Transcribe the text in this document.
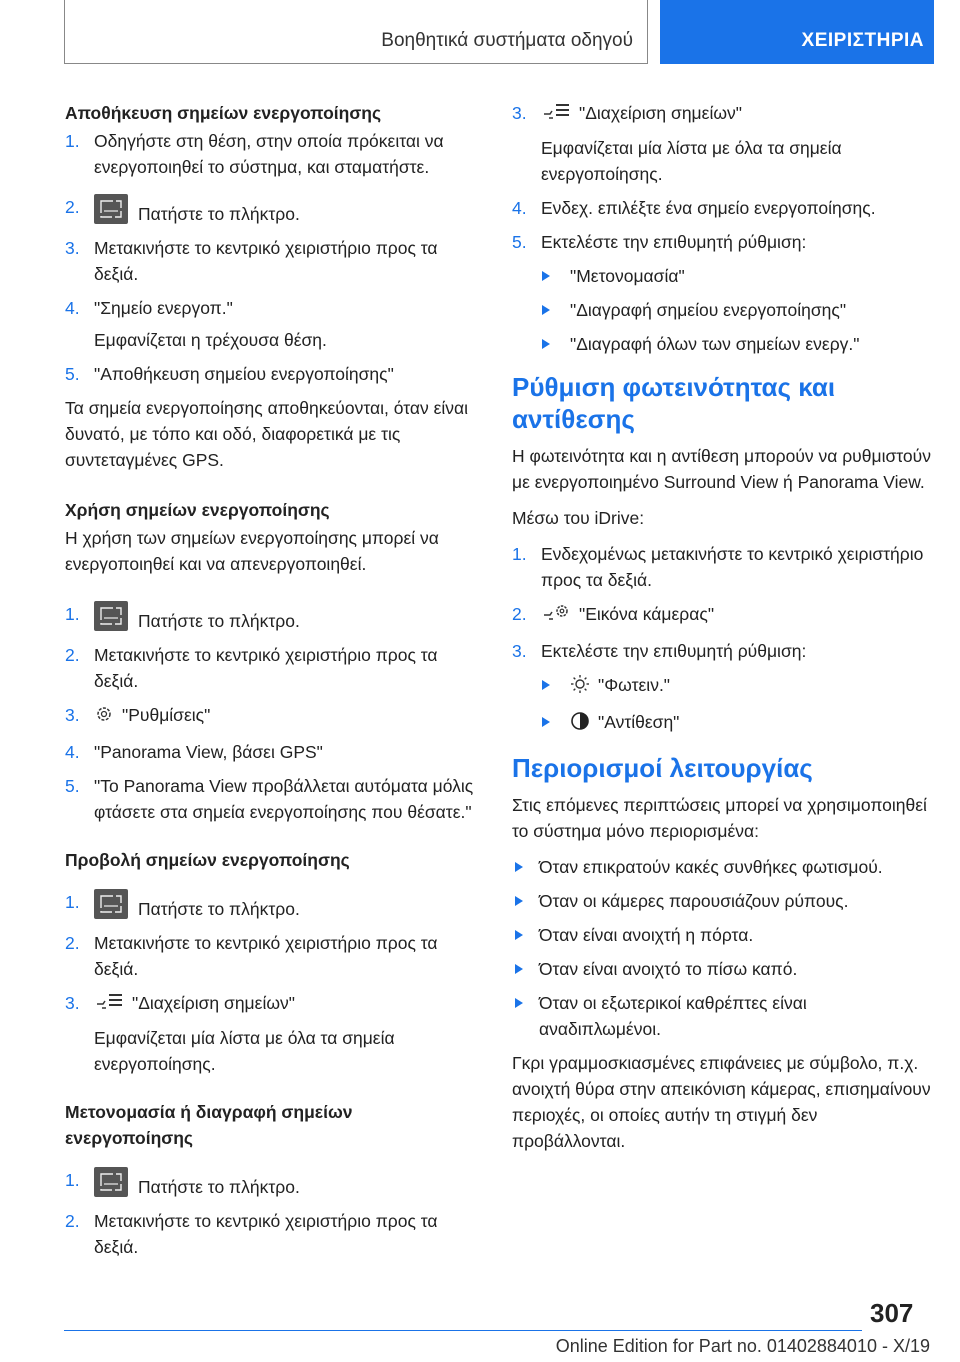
Βοηθητικά συστήματα οδηγού	ΧΕΙΡΙΣΤΗΡΙΑ
Αποθήκευση σημείων ενεργοποίησης
1. Οδηγήστε στη θέση, στην οποία πρόκειται να ενεργοποιηθεί το σύστημα, και σταματήστε.
2.	Πατήστε το πλήκτρο.
3. Μετακινήστε το κεντρικό χειριστήριο προς τα δεξιά.
4. "Σημείο ενεργοπ."
Εμφανίζεται η τρέχουσα θέση.
5. "Αποθήκευση σημείου ενεργοποίησης"

Τα σημεία ενεργοποίησης αποθηκεύονται, όταν είναι δυνατό, με τόπο και οδό, διαφορετικά με τις συντεταγμένες GPS.

Χρήση σημείων ενεργοποίησης

Η χρήση των σημείων ενεργοποίησης μπορεί να ενεργοποιηθεί και να απενεργοποιηθεί.

1.	Πατήστε το πλήκτρο.
2. Μετακινήστε το κεντρικό χειριστήριο προς τα δεξιά.
3. "Ρυθμίσεις"
4. "Panorama View, βάσει GPS"
5. "Το Panorama View προβάλλεται αυτόματα μόλις φτάσετε στα σημεία ενεργοποίησης που θέσατε."
Προβολή σημείων ενεργοποίησης
1.	Πατήστε το πλήκτρο.
2. Μετακινήστε το κεντρικό χειριστήριο προς τα δεξιά.
3.	"Διαχείριση σημείων"
Εμφανίζεται μία λίστα με όλα τα σημεία ενεργοποίησης.
Μετονομασία ή διαγραφή σημείων ενεργοποίησης
1.	Πατήστε το πλήκτρο.
2. Μετακινήστε το κεντρικό χειριστήριο προς τα δεξιά.
3.	"Διαχείριση σημείων"
Εμφανίζεται μία λίστα με όλα τα σημεία ενεργοποίησης.
4. Ενδεχ. επιλέξτε ένα σημείο ενεργοποίησης.
5. Εκτελέστε την επιθυμητή ρύθμιση:
"Μετονομασία"
"Διαγραφή σημείου ενεργοποίησης"
"Διαγραφή όλων των σημείων ενεργ."
Ρύθμιση φωτεινότητας και αντίθεσης

Η φωτεινότητα και η αντίθεση μπορούν να ρυθμιστούν με ενεργοποιημένο Surround View ή Panorama View.

Μέσω του iDrive:

1. Ενδεχομένως μετακινήστε το κεντρικό χειριστήριο προς τα δεξιά.
2.	"Εικόνα κάμερας"
3. Εκτελέστε την επιθυμητή ρύθμιση:
"Φωτειν."
"Αντίθεση"
Περιορισμοί λειτουργίας

Στις επόμενες περιπτώσεις μπορεί να χρησιμοποιηθεί το σύστημα μόνο περιορισμένα:

Όταν επικρατούν κακές συνθήκες φωτισμού.
Όταν οι κάμερες παρουσιάζουν ρύπους.
Όταν είναι ανοιχτή η πόρτα.
Όταν είναι ανοιχτό το πίσω καπό.
Όταν οι εξωτερικοί καθρέπτες είναι αναδιπλωμένοι.

Γκρι γραμμοσκιασμένες επιφάνειες με σύμβολο, π.χ. ανοιχτή θύρα στην απεικόνιση κάμερας, επισημαίνουν περιοχές, οι οποίες αυτήν τη στιγμή δεν προβάλλονται.

307
Online Edition for Part no. 01402884010 - X/19
